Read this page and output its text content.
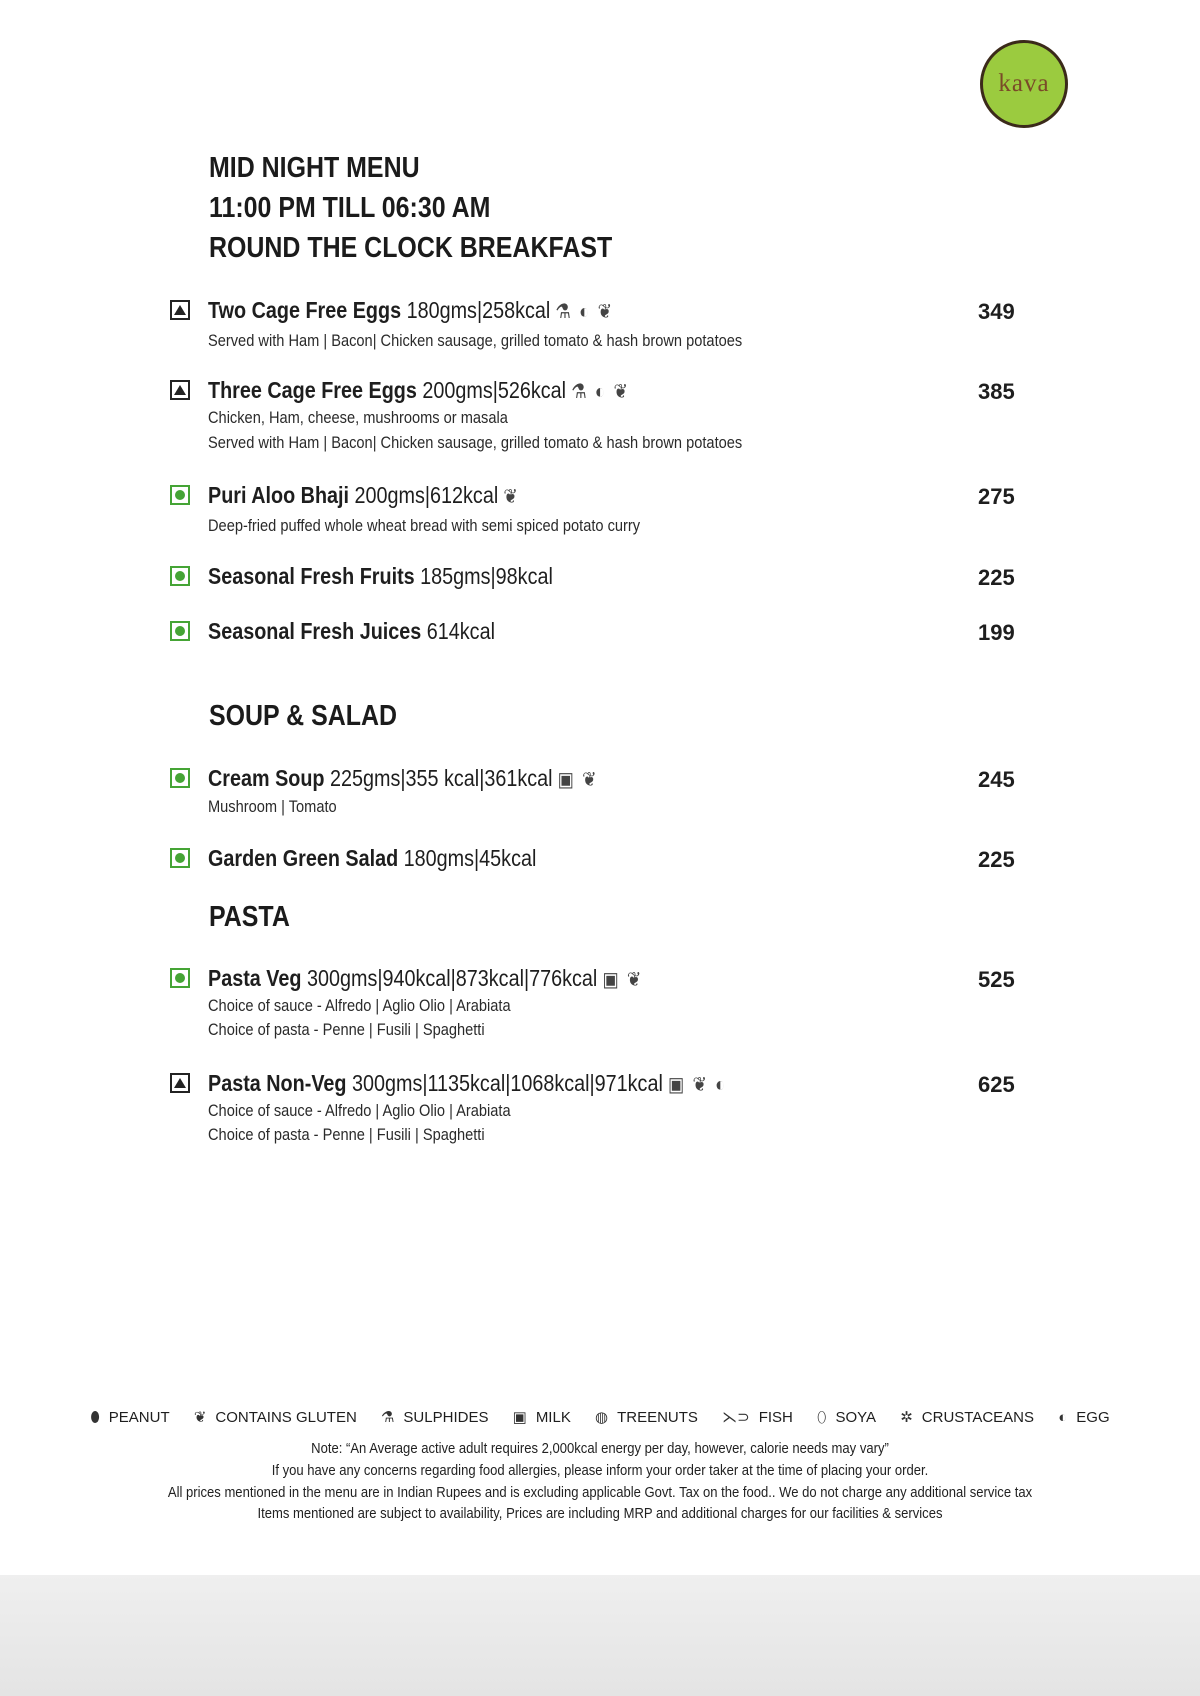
kava
MID NIGHT MENU
11:00 PM TILL 06:30 AM
ROUND THE CLOCK BREAKFAST
Two Cage Free Eggs 180gms|258kcal ⚗ ◐ ❦
Served with Ham | Bacon| Chicken sausage, grilled tomato & hash brown potatoes
349
Three Cage Free Eggs 200gms|526kcal ⚗ ◐ ❦
Chicken, Ham, cheese, mushrooms or masala
Served with Ham | Bacon| Chicken sausage, grilled tomato & hash brown potatoes
385
Puri Aloo Bhaji 200gms|612kcal ❦
Deep-fried puffed whole wheat bread with semi spiced potato curry
275
Seasonal Fresh Fruits 185gms|98kcal	225
Seasonal Fresh Juices 614kcal	199
SOUP & SALAD
Cream Soup 225gms|355 kcal|361kcal ▣ ❦
Mushroom | Tomato
245
Garden Green Salad 180gms|45kcal	225
PASTA
Pasta Veg 300gms|940kcal|873kcal|776kcal ▣ ❦
Choice of sauce - Alfredo | Aglio Olio | Arabiata
Choice of pasta - Penne | Fusili | Spaghetti
525
Pasta Non-Veg 300gms|1135kcal|1068kcal|971kcal ▣ ❦ ◐
Choice of sauce - Alfredo | Aglio Olio | Arabiata
Choice of pasta - Penne | Fusili | Spaghetti
625
⬮ PEANUT ❦ CONTAINS GLUTEN ⚗ SULPHIDES ▣ MILK ◍ TREENUTS ⋋⊃ FISH ⬯ SOYA ✲ CRUSTACEANS ◐ EGG
Note: “An Average active adult requires 2,000kcal energy per day, however, calorie needs may vary”
If you have any concerns regarding food allergies, please inform your order taker at the time of placing your order.
All prices mentioned in the menu are in Indian Rupees and is excluding applicable Govt. Tax on the food.. We do not charge any additional service tax
Items mentioned are subject to availability, Prices are including MRP and additional charges for our facilities & services
